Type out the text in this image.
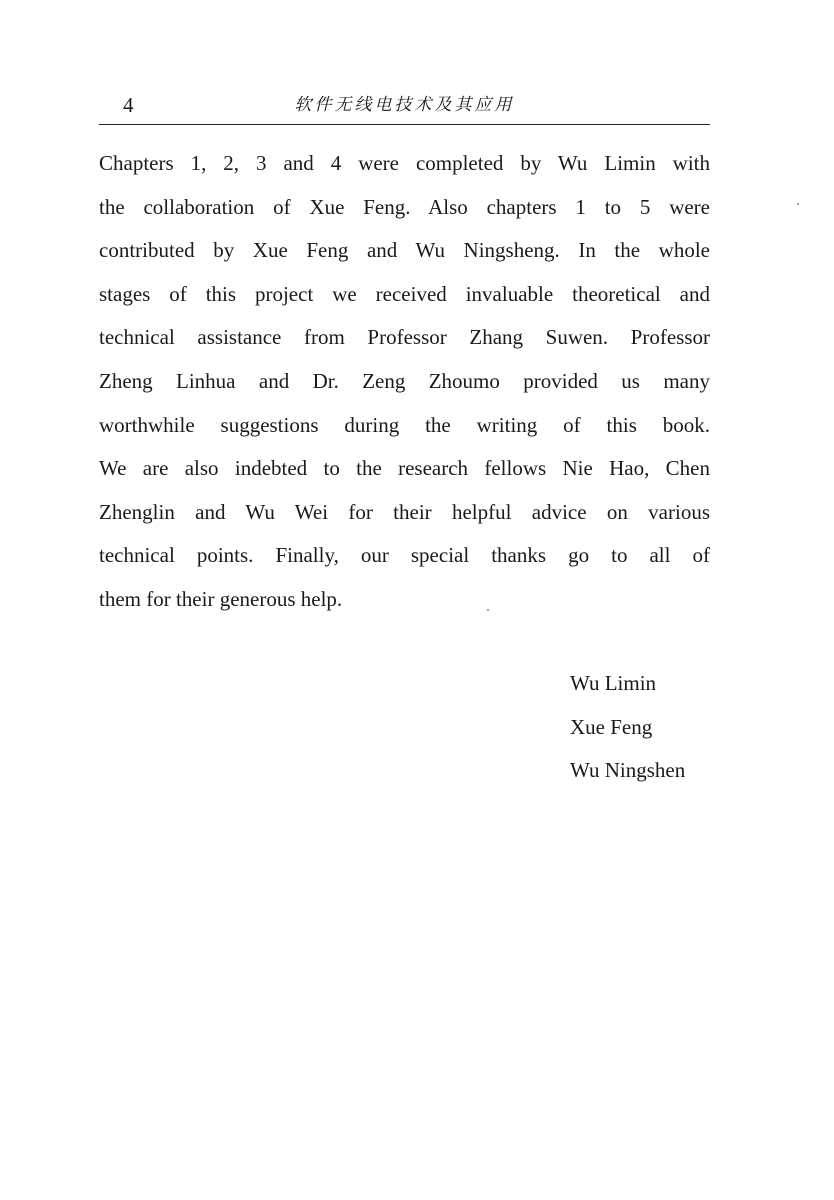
4	软件无线电技术及其应用
Chapters 1, 2, 3 and 4 were completed by Wu Limin with
the collaboration of Xue Feng. Also chapters 1 to 5 were
contributed by Xue Feng and Wu Ningsheng. In the whole
stages of this project we received invaluable theoretical and
technical assistance from Professor Zhang Suwen. Professor
Zheng Linhua and Dr. Zeng Zhoumo provided us many
worthwhile suggestions during the writing of this book.
We are also indebted to the research fellows Nie Hao, Chen
Zhenglin and Wu Wei for their helpful advice on various
technical points. Finally, our special thanks go to all of
them for their generous help.
Wu Limin
Xue Feng
Wu Ningshen
